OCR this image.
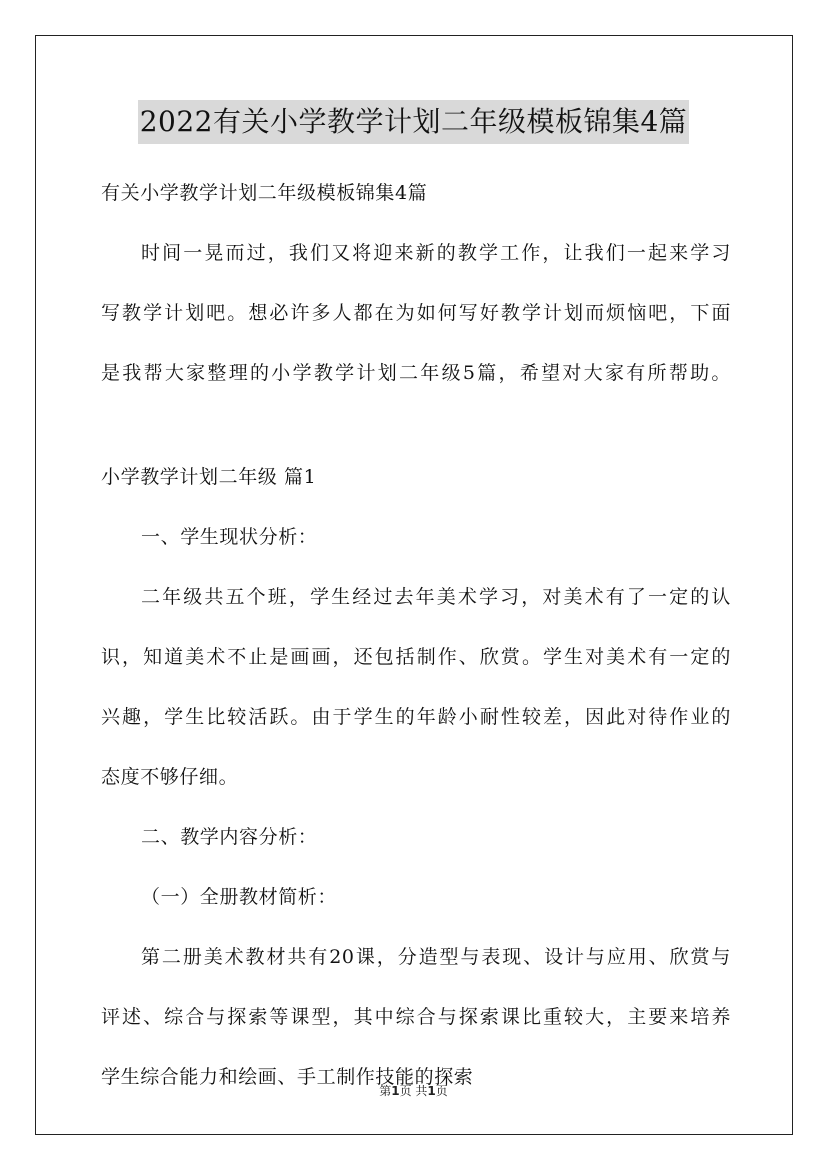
2022有关小学教学计划二年级模板锦集4篇

有关小学教学计划二年级模板锦集4篇

时间一晃而过，我们又将迎来新的教学工作，让我们一起来学习

写教学计划吧。想必许多人都在为如何写好教学计划而烦恼吧，下面

是我帮大家整理的小学教学计划二年级5篇，希望对大家有所帮助。

小学教学计划二年级 篇1

一、学生现状分析：

二年级共五个班，学生经过去年美术学习，对美术有了一定的认

识，知道美术不止是画画，还包括制作、欣赏。学生对美术有一定的

兴趣，学生比较活跃。由于学生的年龄小耐性较差，因此对待作业的

态度不够仔细。

二、教学内容分析：

（一）全册教材简析：

第二册美术教材共有20课，分造型与表现、设计与应用、欣赏与

评述、综合与探索等课型，其中综合与探索课比重较大，主要来培养

学生综合能力和绘画、手工制作技能的探索

第1页 共1页
